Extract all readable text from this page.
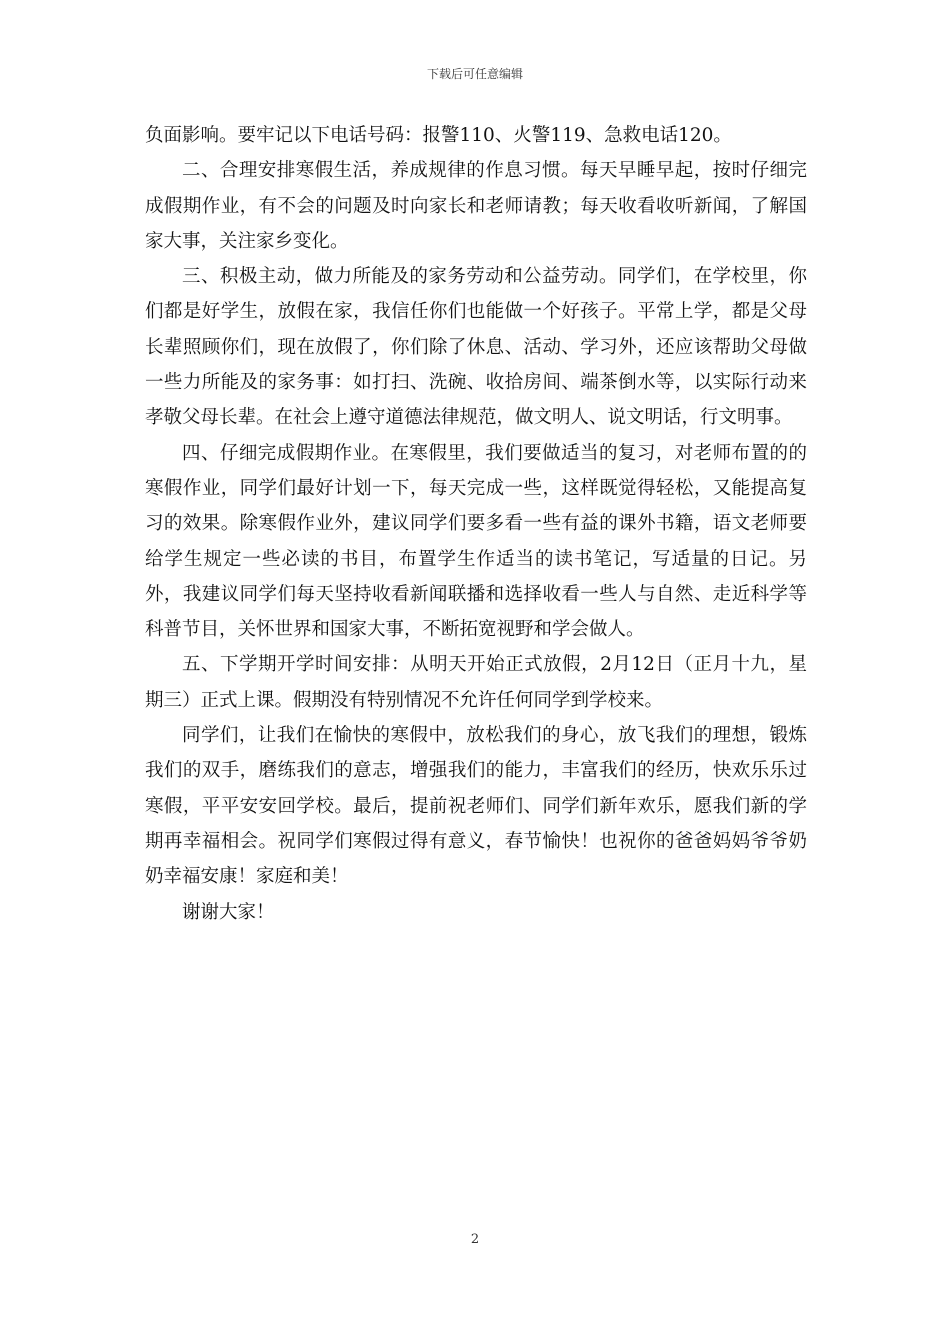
下载后可任意编辑

负面影响。要牢记以下电话号码：报警110、火警119、急救电话120。

二、合理安排寒假生活，养成规律的作息习惯。每天早睡早起，按时仔细完成假期作业，有不会的问题及时向家长和老师请教；每天收看收听新闻，了解国家大事，关注家乡变化。

三、积极主动，做力所能及的家务劳动和公益劳动。同学们，在学校里，你们都是好学生，放假在家，我信任你们也能做一个好孩子。平常上学，都是父母长辈照顾你们，现在放假了，你们除了休息、活动、学习外，还应该帮助父母做一些力所能及的家务事：如打扫、洗碗、收拾房间、端茶倒水等，以实际行动来孝敬父母长辈。在社会上遵守道德法律规范，做文明人、说文明话，行文明事。

四、仔细完成假期作业。在寒假里，我们要做适当的复习，对老师布置的的寒假作业，同学们最好计划一下，每天完成一些，这样既觉得轻松，又能提高复习的效果。除寒假作业外，建议同学们要多看一些有益的课外书籍，语文老师要给学生规定一些必读的书目，布置学生作适当的读书笔记，写适量的日记。另外，我建议同学们每天坚持收看新闻联播和选择收看一些人与自然、走近科学等科普节目，关怀世界和国家大事，不断拓宽视野和学会做人。

五、下学期开学时间安排：从明天开始正式放假，2月12日（正月十九，星期三）正式上课。假期没有特别情况不允许任何同学到学校来。

同学们，让我们在愉快的寒假中，放松我们的身心，放飞我们的理想，锻炼我们的双手，磨练我们的意志，增强我们的能力，丰富我们的经历，快欢乐乐过寒假，平平安安回学校。最后，提前祝老师们、同学们新年欢乐，愿我们新的学期再幸福相会。祝同学们寒假过得有意义，春节愉快！也祝你的爸爸妈妈爷爷奶奶幸福安康！家庭和美！

谢谢大家！

2
